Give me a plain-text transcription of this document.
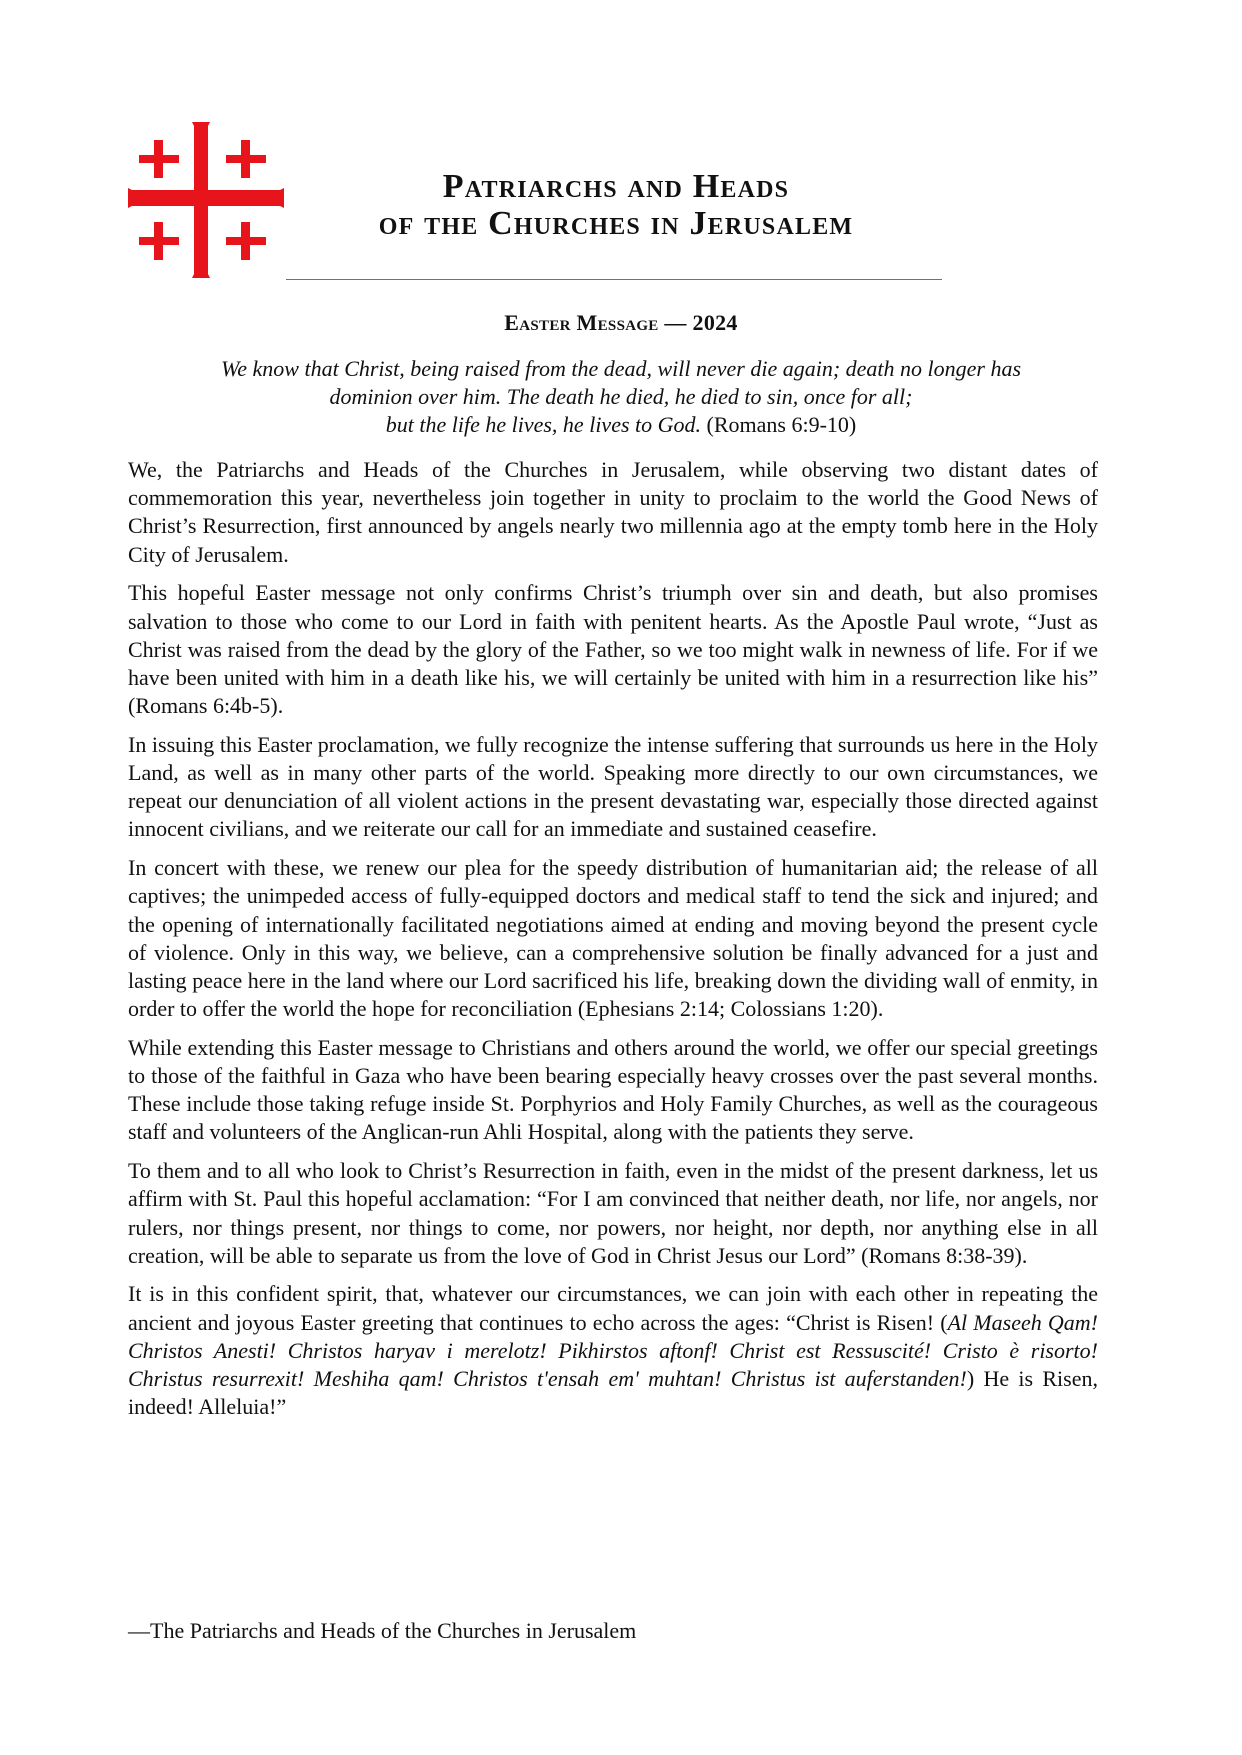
Patriarchs and Heads
of the Churches in Jerusalem
Easter Message — 2024
We know that Christ, being raised from the dead, will never die again; death no longer has
dominion over him. The death he died, he died to sin, once for all;
but the life he lives, he lives to God. (Romans 6:9-10)

We, the Patriarchs and Heads of the Churches in Jerusalem, while observing two distant dates of commemoration this year, nevertheless join together in unity to proclaim to the world the Good News of Christ’s Resurrection, first announced by angels nearly two millennia ago at the empty tomb here in the Holy City of Jerusalem.

This hopeful Easter message not only confirms Christ’s triumph over sin and death, but also promises salvation to those who come to our Lord in faith with penitent hearts. As the Apostle Paul wrote, “Just as Christ was raised from the dead by the glory of the Father, so we too might walk in newness of life. For if we have been united with him in a death like his, we will certainly be united with him in a resurrection like his” (Romans 6:4b-5).

In issuing this Easter proclamation, we fully recognize the intense suffering that surrounds us here in the Holy Land, as well as in many other parts of the world. Speaking more directly to our own circumstances, we repeat our denunciation of all violent actions in the present devastating war, especially those directed against innocent civilians, and we reiterate our call for an immediate and sustained ceasefire.

In concert with these, we renew our plea for the speedy distribution of humanitarian aid; the release of all captives; the unimpeded access of fully-equipped doctors and medical staff to tend the sick and injured; and the opening of internationally facilitated negotiations aimed at ending and moving beyond the present cycle of violence. Only in this way, we believe, can a comprehensive solution be finally advanced for a just and lasting peace here in the land where our Lord sacrificed his life, breaking down the dividing wall of enmity, in order to offer the world the hope for reconciliation (Ephesians 2:14; Colossians 1:20).

While extending this Easter message to Christians and others around the world, we offer our special greetings to those of the faithful in Gaza who have been bearing especially heavy crosses over the past several months. These include those taking refuge inside St. Porphyrios and Holy Family Churches, as well as the courageous staff and volunteers of the Anglican-run Ahli Hospital, along with the patients they serve.

To them and to all who look to Christ’s Resurrection in faith, even in the midst of the present darkness, let us affirm with St. Paul this hopeful acclamation: “For I am convinced that neither death, nor life, nor angels, nor rulers, nor things present, nor things to come, nor powers, nor height, nor depth, nor anything else in all creation, will be able to separate us from the love of God in Christ Jesus our Lord” (Romans 8:38-39).

It is in this confident spirit, that, whatever our circumstances, we can join with each other in repeating the ancient and joyous Easter greeting that continues to echo across the ages: “Christ is Risen! (Al Maseeh Qam! Christos Anesti! Christos haryav i merelotz! Pikhirstos aftonf! Christ est Ressuscité! Cristo è risorto! Christus resurrexit! Meshiha qam! Christos t'ensah em' muhtan! Christus ist auferstanden!) He is Risen, indeed! Alleluia!”

—The Patriarchs and Heads of the Churches in Jerusalem
